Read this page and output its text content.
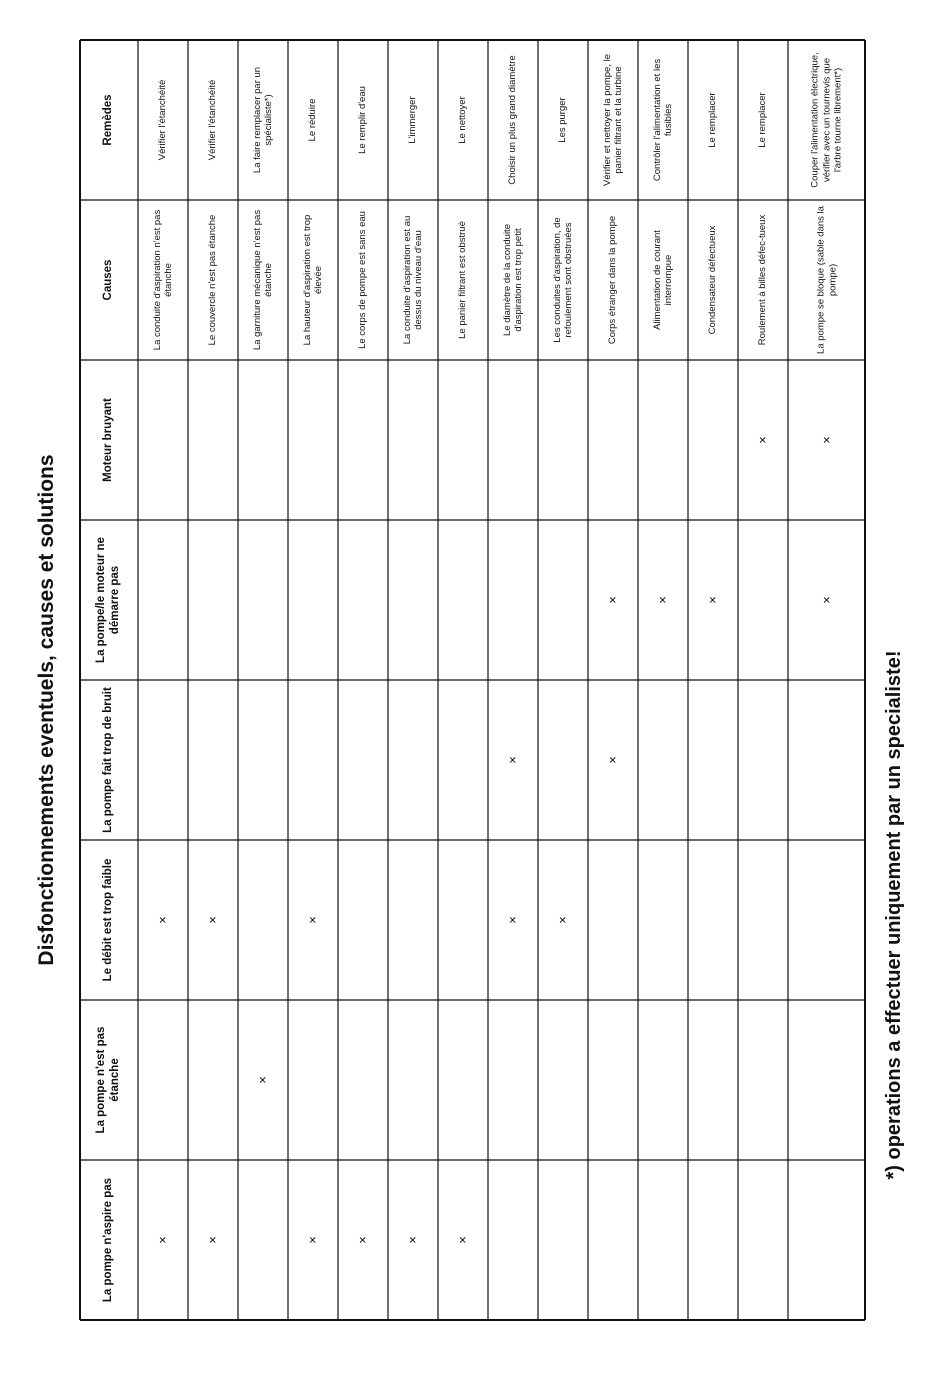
Disfonctionnements eventuels, causes et solutions
Remèdes
Causes
Moteur bruyant
La pompe/le moteur ne démarre pas
La pompe fait trop de bruit
Le débit est trop faible
La pompe n'est pas étanche
La pompe n'aspire pas
Vérifier l'étanchéité
La conduite d'aspiration n'est pas étanche
×
×
Vérifier l'étanchéité
Le couvercle n'est pas étanche
×
×
La faire remplacer par un spécialiste*)
La garniture mécanique n'est pas étanche
×
Le réduire
La hauteur d'aspiration est trop élevée
×
×
Le remplir d'eau
Le corps de pompe est sans eau
×
L'immerger
La conduite d'aspiration est au dessus du niveau d'eau
×
Le nettoyer
Le panier filtrant est obstrué
×
Choisir un plus grand diamètre
Le diamètre de la conduite d'aspiration est trop petit
×
×
Les purger
Les conduites d'aspiration, de refoulement sont obstruées
×
Vérifier et nettoyer la pompe, le panier filtrant et la turbine
Corps étranger dans la pompe
×
×
Contrôler l'alimentation et les fusibles
Alimentation de courant interrompue
×
Le remplacer
Condensateur défectueux
×
Le remplacer
Roulement à billes défec-tueux
×
Couper l'alimentation électrique, vérifier avec un tournevis que l'arbre tourne librement*)
La pompe se bloque (sable dans la pompe)
×
×
*) operations a effectuer uniquement par un specialiste!
